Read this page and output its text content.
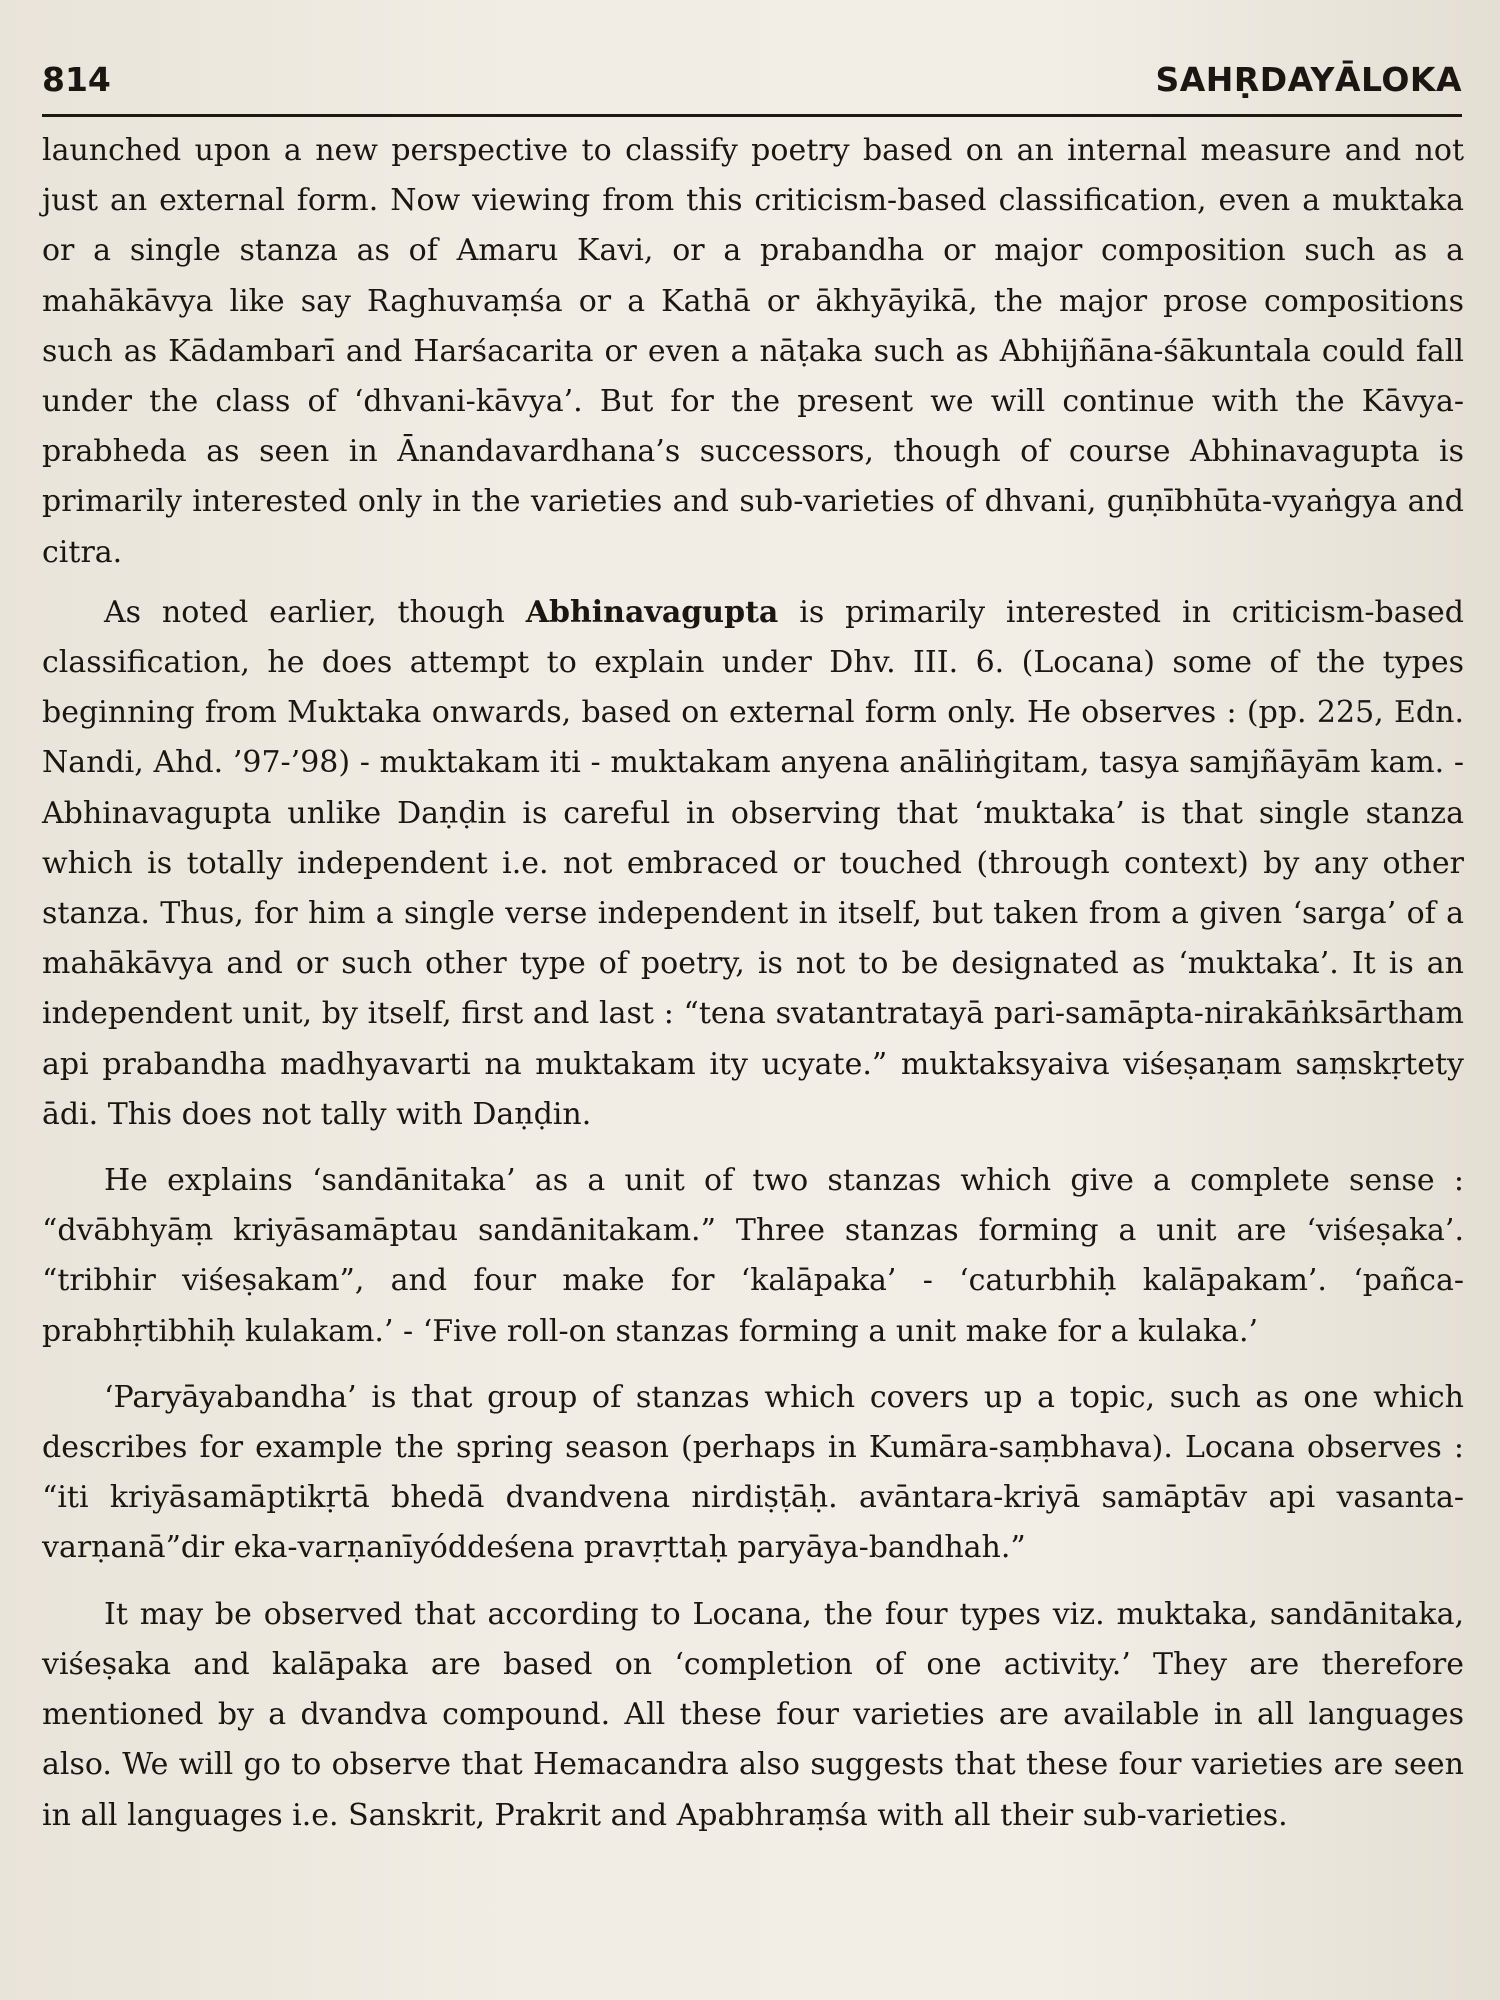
814	SAHṚDAYĀLOKA

launched upon a new perspective to classify poetry based on an internal measure and not just an external form. Now viewing from this criticism-based classification, even a muktaka or a single stanza as of Amaru Kavi, or a prabandha or major composition such as a mahākāvya like say Raghuvaṃśa or a Kathā or ākhyāyikā, the major prose compositions such as Kādambarī and Harśacarita or even a nāṭaka such as Abhijñāna-śākuntala could fall under the class of ‘dhvani-kāvya’. But for the present we will continue with the Kāvya-prabheda as seen in Ānandavardhana’s successors, though of course Abhinavagupta is primarily interested only in the varieties and sub-varieties of dhvani, guṇībhūta-vyaṅgya and citra.

As noted earlier, though Abhinavagupta is primarily interested in criticism-based classification, he does attempt to explain under Dhv. III. 6. (Locana) some of the types beginning from Muktaka onwards, based on external form only. He observes : (pp. 225, Edn. Nandi, Ahd. ’97-’98) - muktakam iti - muktakam anyena anāliṅgitam, tasya samjñāyām kam. - Abhinavagupta unlike Daṇḍin is careful in observing that ‘muktaka’ is that single stanza which is totally independent i.e. not embraced or touched (through context) by any other stanza. Thus, for him a single verse independent in itself, but taken from a given ‘sarga’ of a mahākāvya and or such other type of poetry, is not to be designated as ‘muktaka’. It is an independent unit, by itself, first and last : “tena svatantratayā pari-samāpta-nirakāṅksārtham api prabandha madhyavarti na muktakam ity ucyate.” muktaksyaiva viśeṣaṇam saṃskṛtety ādi. This does not tally with Daṇḍin.

He explains ‘sandānitaka’ as a unit of two stanzas which give a complete sense : “dvābhyāṃ kriyāsamāptau sandānitakam.” Three stanzas forming a unit are ‘viśeṣaka’. “tribhir viśeṣakam”, and four make for ‘kalāpaka’ - ‘caturbhiḥ kalāpakam’. ‘pañca-prabhṛtibhiḥ kulakam.’ - ‘Five roll-on stanzas forming a unit make for a kulaka.’

‘Paryāyabandha’ is that group of stanzas which covers up a topic, such as one which describes for example the spring season (perhaps in Kumāra-saṃbhava). Locana observes : “iti kriyāsamāptikṛtā bhedā dvandvena nirdiṣṭāḥ. avāntara-kriyā samāptāv api vasanta-varṇanā”dir eka-varṇanīyóddeśena pravṛttaḥ paryāya-bandhah.”

It may be observed that according to Locana, the four types viz. muktaka, sandānitaka, viśeṣaka and kalāpaka are based on ‘completion of one activity.’ They are therefore mentioned by a dvandva compound. All these four varieties are available in all languages also. We will go to observe that Hemacandra also suggests that these four varieties are seen in all languages i.e. Sanskrit, Prakrit and Apabhraṃśa with all their sub-varieties.
